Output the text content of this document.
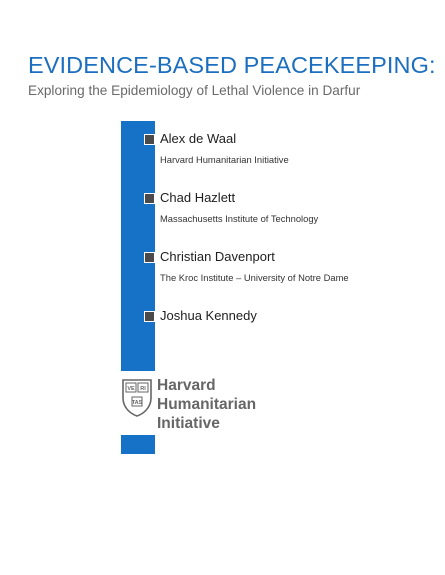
EVIDENCE-BASED PEACEKEEPING:
Exploring the Epidemiology of Lethal Violence in Darfur
Alex de Waal
Harvard Humanitarian Initiative
Chad Hazlett
Massachusetts Institute of Technology
Christian Davenport
The Kroc Institute – University of Notre Dame
Joshua Kennedy
VE RI
TAS
Harvard
Humanitarian
Initiative
